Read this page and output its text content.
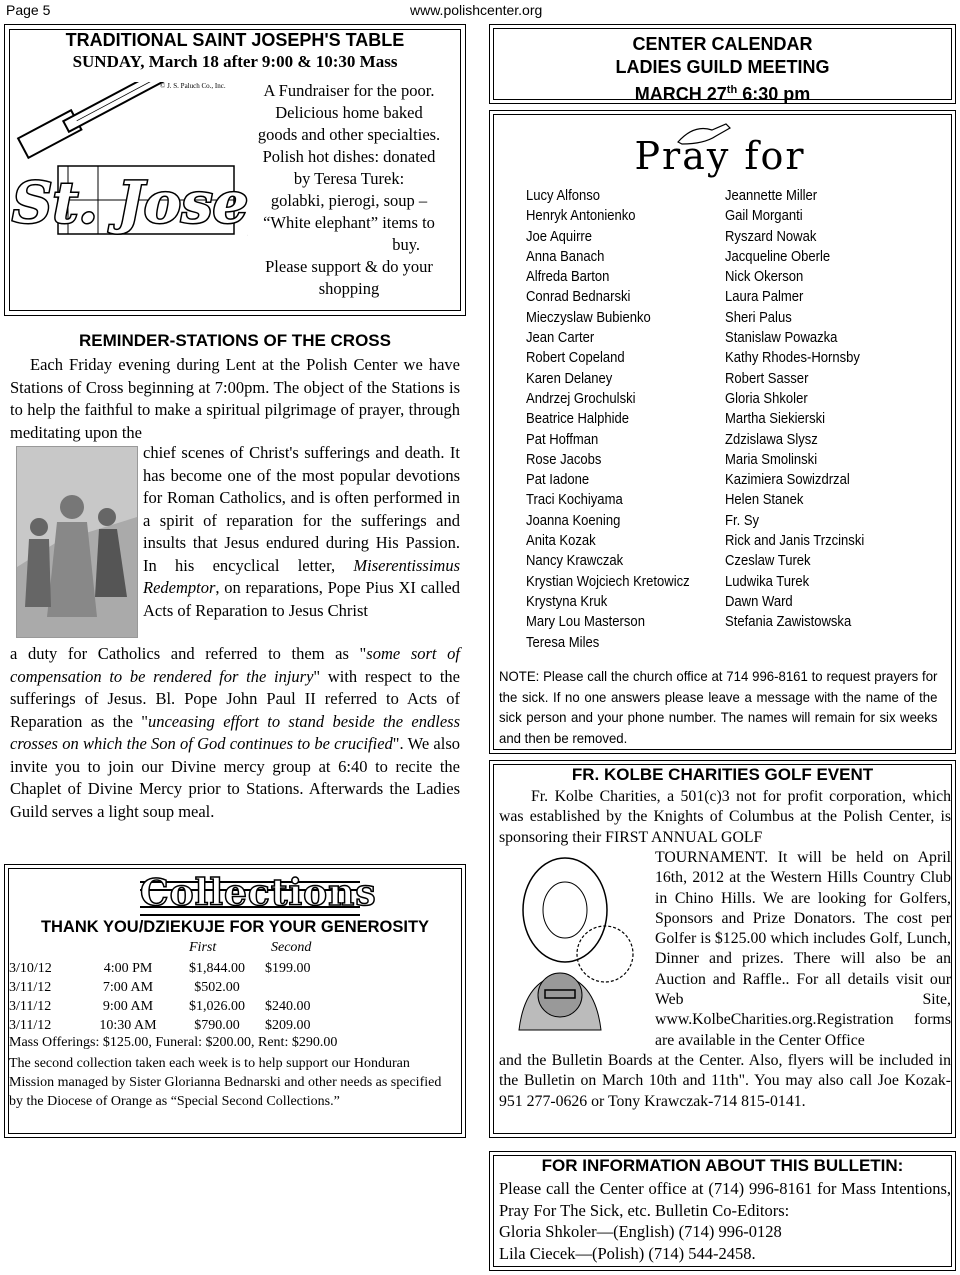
Page 5	www.polishcenter.org
TRADITIONAL SAINT JOSEPH'S TABLE
SUNDAY, March 18 after 9:00 & 10:30 Mass
© J. S. Paluch Co., Inc.
St. Jose
St. Jose
A Fundraiser for the poor.
Delicious home baked
goods and other specialties.
Polish hot dishes: donated
by Teresa Turek:
golabki, pierogi, soup –
“White elephant” items to
buy.
Please support & do your
shopping
REMINDER-STATIONS OF THE CROSS
Each Friday evening during Lent at the Polish Center we have Stations of Cross beginning at 7:00pm. The object of the Stations is to help the faithful to make a spiritual pilgrimage of prayer, through meditating upon the
chief scenes of Christ's sufferings and death. It has become one of the most popular devotions for Roman Catholics, and is often performed in a spirit of reparation for the sufferings and insults that Jesus endured during His Passion. In his encyclical letter, Miserentissimus Redemptor, on reparations, Pope Pius XI called Acts of Reparation to Jesus Christ
a duty for Catholics and referred to them as "some sort of compensation to be rendered for the injury" with respect to the sufferings of Jesus. Bl. Pope John Paul II referred to Acts of Reparation as the "unceasing effort to stand beside the endless crosses on which the Son of God continues to be crucified". We also invite you to join our Divine mercy group at 6:40 to recite the Chaplet of Divine Mercy prior to Stations. Afterwards the Ladies Guild serves a light soup meal.
Collections
THANK YOU/DZIEKUJE FOR YOUR GENEROSITY
First	Second
3/10/12	4:00 PM	$1,844.00	$199.00
3/11/12	7:00 AM	$502.00	
3/11/12	9:00 AM	$1,026.00	$240.00
3/11/12	10:30 AM	$790.00	$209.00
Mass Offerings: $125.00, Funeral: $200.00, Rent: $290.00
The second collection taken each week is to help support our Honduran Mission managed by Sister Glorianna Bednarski and other needs as specified by the Diocese of Orange as “Special Second Collections.”
CENTER CALENDAR
LADIES GUILD MEETING
MARCH 27th 6:30 pm
Pray for
Lucy Alfonso
Henryk Antonienko
Joe Aquirre
Anna Banach
Alfreda Barton
Conrad Bednarski
Mieczyslaw Bubienko
Jean Carter
Robert Copeland
Karen Delaney
Andrzej Grochulski
Beatrice Halphide
Pat Hoffman
Rose Jacobs
Pat Iadone
Traci Kochiyama
Joanna Koening
Anita Kozak
Nancy Krawczak
Krystian Wojciech Kretowicz
Krystyna Kruk
Mary Lou Masterson
Teresa Miles
Jeannette Miller
Gail Morganti
Ryszard Nowak
Jacqueline Oberle
Nick Okerson
Laura Palmer
Sheri Palus
Stanislaw Powazka
Kathy Rhodes-Hornsby
Robert Sasser
Gloria Shkoler
Martha Siekierski
Zdzislawa Slysz
Maria Smolinski
Kazimiera Sowizdrzal
Helen Stanek
Fr. Sy
Rick and Janis Trzcinski
Czeslaw Turek
Ludwika Turek
Dawn Ward
Stefania Zawistowska
NOTE: Please call the church office at 714 996-8161 to request prayers for the sick. If no one answers please leave a message with the name of the sick person and your phone number. The names will remain for six weeks and then be removed.
FR. KOLBE CHARITIES GOLF EVENT
Fr. Kolbe Charities, a 501(c)3 not for profit corporation, which was established by the Knights of Columbus at the Polish Center, is sponsoring their FIRST ANNUAL GOLF
TOURNAMENT. It will be held on April 16th, 2012 at the Western Hills Country Club in Chino Hills. We are looking for Golfers, Sponsors and Prize Donators. The cost per Golfer is $125.00 which includes Golf, Lunch, Dinner and prizes. There will also be an Auction and Raffle.. For all details visit our Web Site, www.KolbeCharities.org.Registration forms are available in the Center Office
and the Bulletin Boards at the Center. Also, flyers will be included in the Bulletin on March 10th and 11th". You may also call Joe Kozak- 951 277-0626 or Tony Krawczak-714 815-0141.
FOR INFORMATION ABOUT THIS BULLETIN:
Please call the Center office at (714) 996-8161 for Mass Intentions, Pray For The Sick, etc. Bulletin Co-Editors:
Gloria Shkoler—(English) (714) 996-0128
Lila Ciecek—(Polish) (714) 544-2458.
